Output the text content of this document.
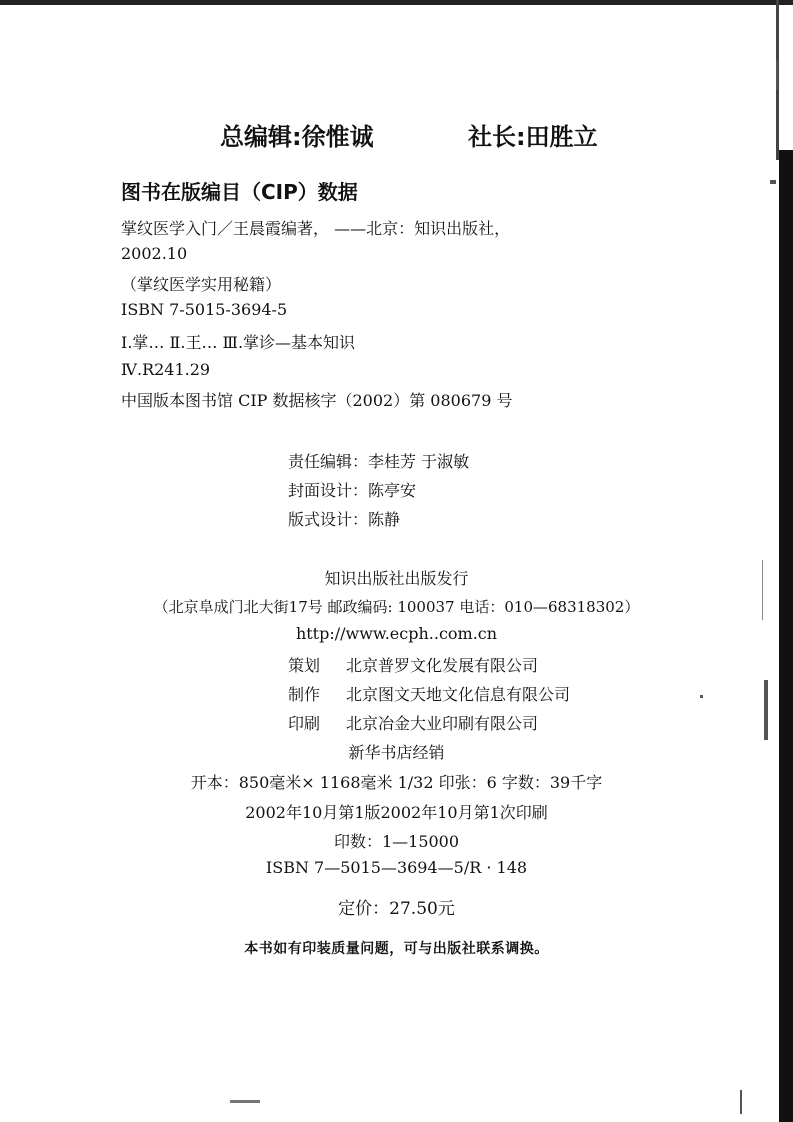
总编辑:徐惟诚	社长:田胜立
图书在版编目（CIP）数据
掌纹医学入门／王晨霞编著， ——北京：知识出版社，
2002.10
（掌纹医学实用秘籍）
ISBN 7-5015-3694-5
Ⅰ.掌… Ⅱ.王… Ⅲ.掌诊—基本知识
Ⅳ.R241.29
中国版本图书馆 CIP 数据核字（2002）第 080679 号
责任编辑：李桂芳 于淑敏
封面设计：陈亭安
版式设计：陈静
知识出版社出版发行
（北京阜成门北大街17号 邮政编码: 100037 电话：010—68318302）
http://www.ecph..com.cn
策划 北京普罗文化发展有限公司
制作 北京图文天地文化信息有限公司
印刷 北京冶金大业印刷有限公司
新华书店经销
开本：850毫米× 1168毫米 1/32 印张：6 字数：39千字
2002年10月第1版2002年10月第1次印刷
印数：1—15000
ISBN 7—5015—3694—5/R · 148
定价：27.50元
本书如有印装质量问题，可与出版社联系调换。
